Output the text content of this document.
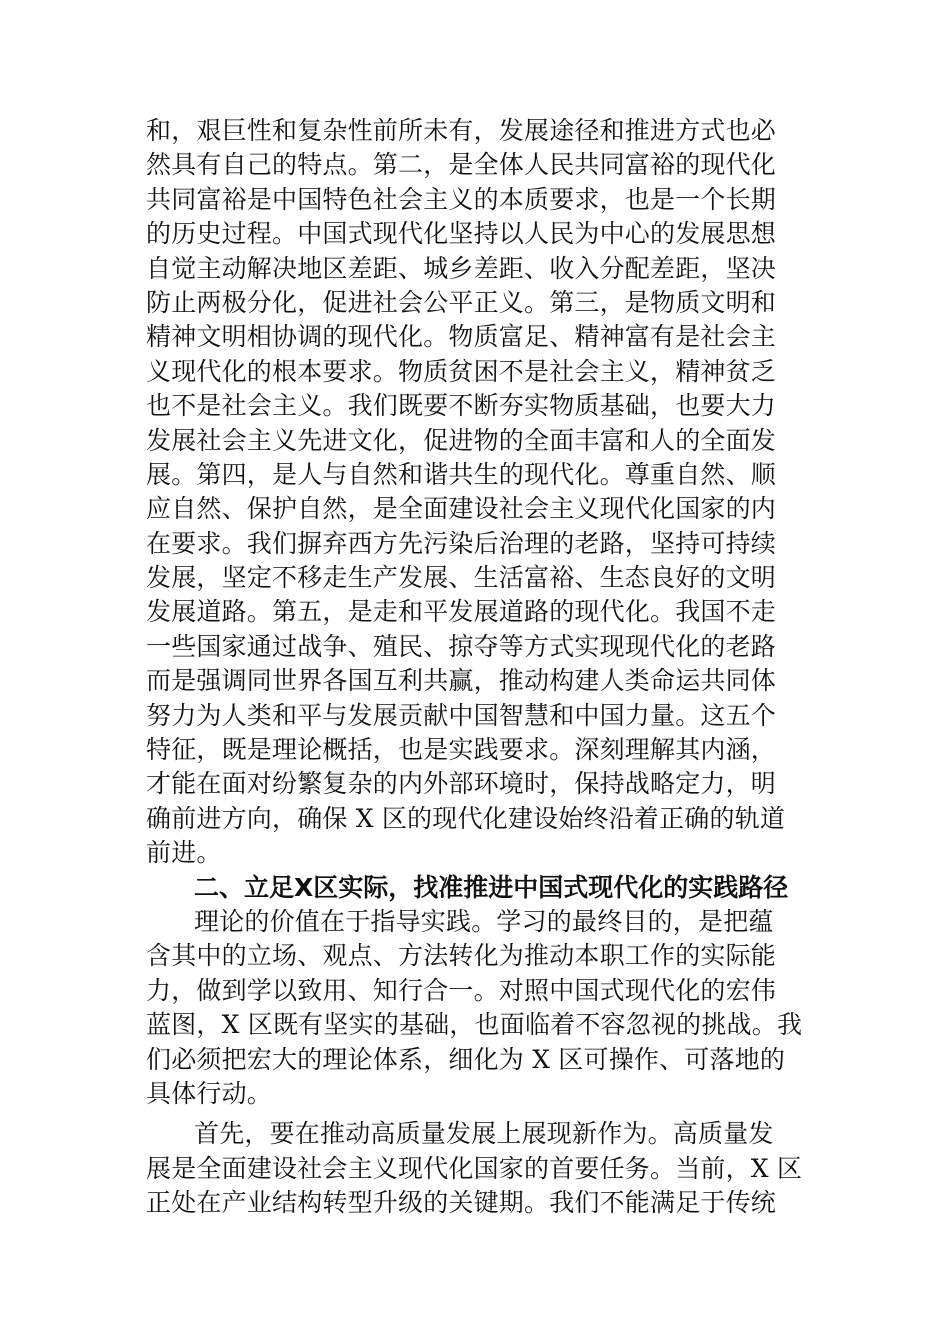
和，艰巨性和复杂性前所未有，发展途径和推进方式也必
然具有自己的特点。第二，是全体人民共同富裕的现代化
共同富裕是中国特色社会主义的本质要求，也是一个长期
的历史过程。中国式现代化坚持以人民为中心的发展思想
自觉主动解决地区差距、城乡差距、收入分配差距，坚决
防止两极分化，促进社会公平正义。第三，是物质文明和
精神文明相协调的现代化。物质富足、精神富有是社会主
义现代化的根本要求。物质贫困不是社会主义，精神贫乏
也不是社会主义。我们既要不断夯实物质基础，也要大力
发展社会主义先进文化，促进物的全面丰富和人的全面发
展。第四，是人与自然和谐共生的现代化。尊重自然、顺
应自然、保护自然，是全面建设社会主义现代化国家的内
在要求。我们摒弃西方先污染后治理的老路，坚持可持续
发展，坚定不移走生产发展、生活富裕、生态良好的文明
发展道路。第五，是走和平发展道路的现代化。我国不走
一些国家通过战争、殖民、掠夺等方式实现现代化的老路
而是强调同世界各国互利共赢，推动构建人类命运共同体
努力为人类和平与发展贡献中国智慧和中国力量。这五个
特征，既是理论概括，也是实践要求。深刻理解其内涵，
才能在面对纷繁复杂的内外部环境时，保持战略定力，明
确前进方向，确保 X 区的现代化建设始终沿着正确的轨道
前进。
二、立足X区实际，找准推进中国式现代化的实践路径
理论的价值在于指导实践。学习的最终目的，是把蕴
含其中的立场、观点、方法转化为推动本职工作的实际能
力，做到学以致用、知行合一。对照中国式现代化的宏伟
蓝图，X 区既有坚实的基础，也面临着不容忽视的挑战。我
们必须把宏大的理论体系，细化为 X 区可操作、可落地的
具体行动。
首先，要在推动高质量发展上展现新作为。高质量发
展是全面建设社会主义现代化国家的首要任务。当前，X 区
正处在产业结构转型升级的关键期。我们不能满足于传统
